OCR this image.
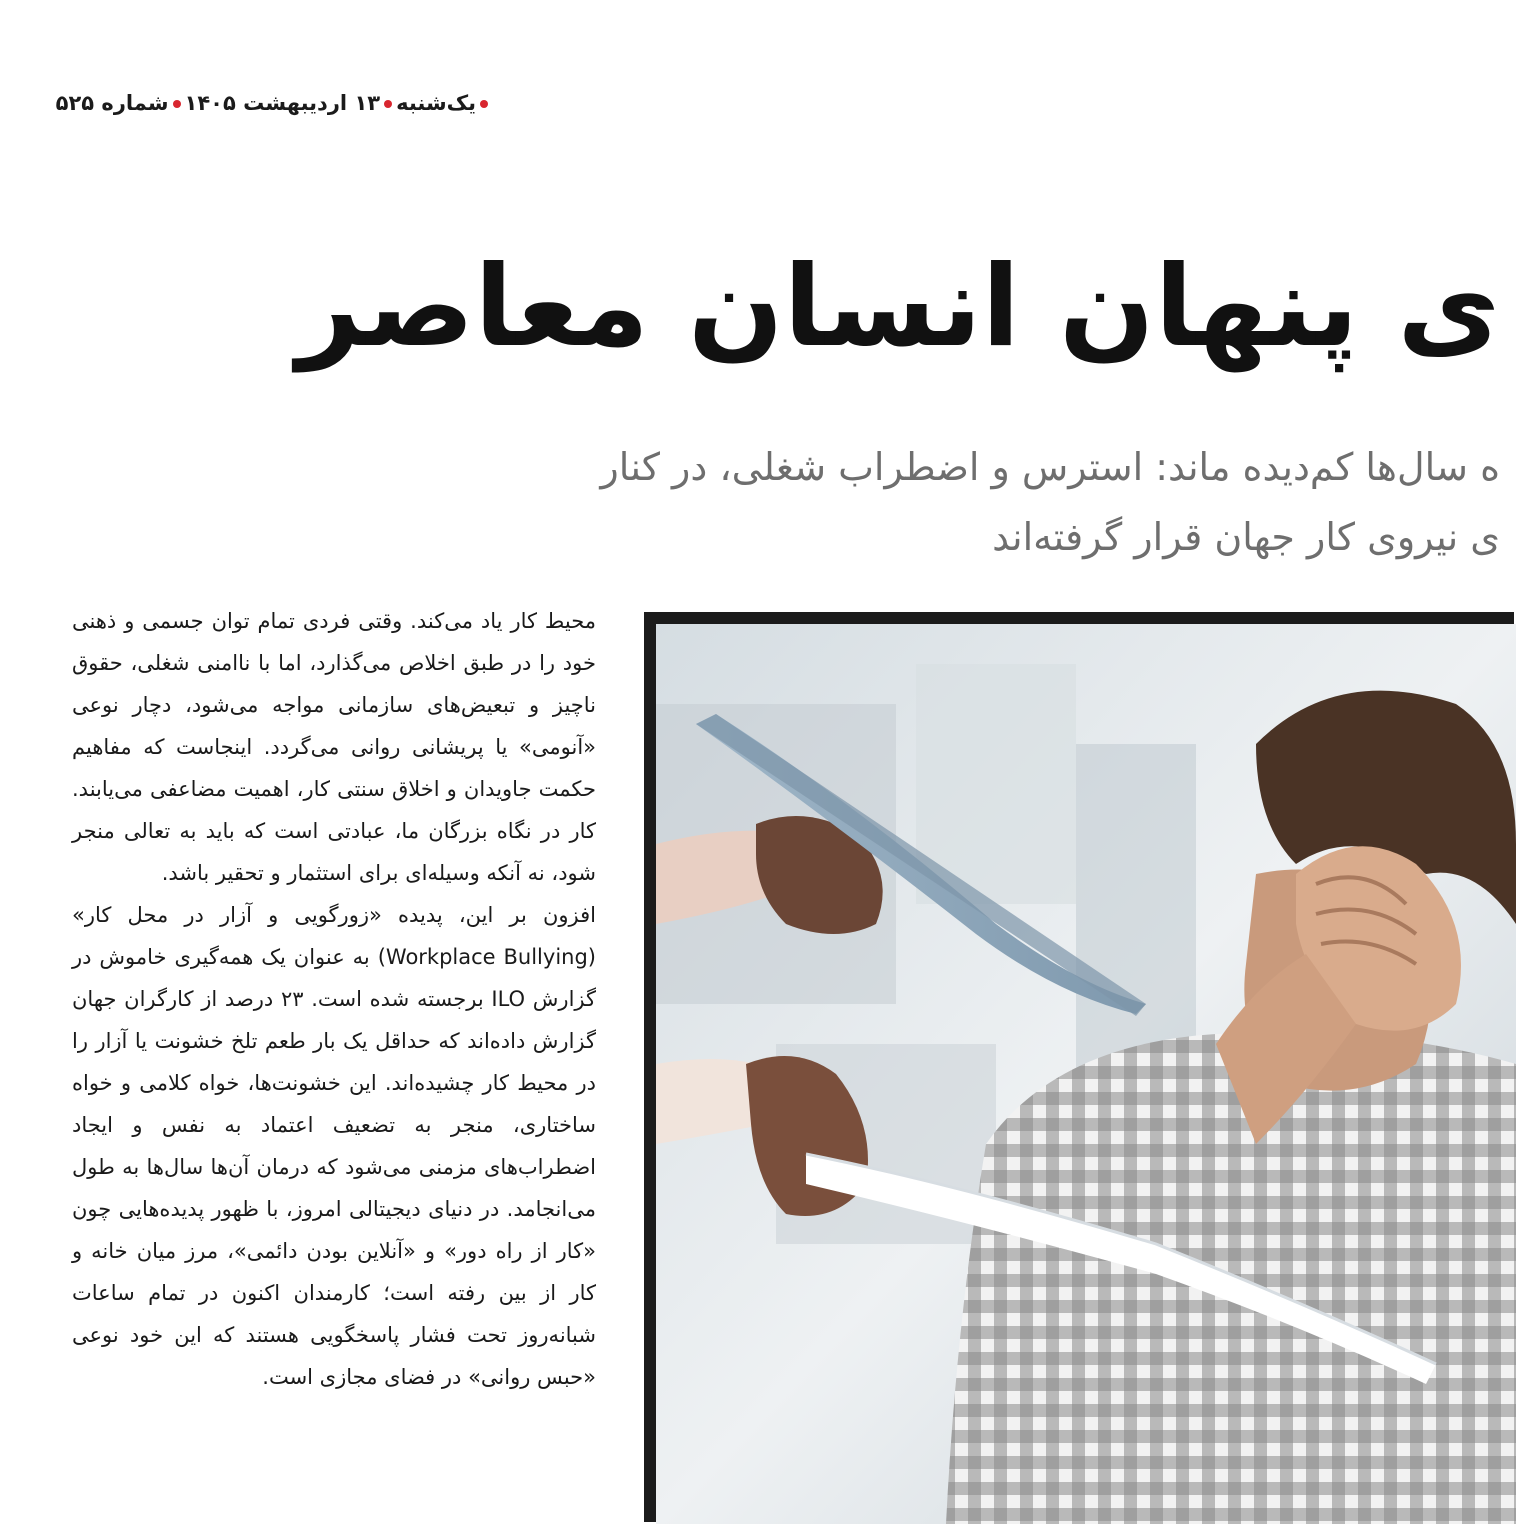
یک‌شنبه۱۳ اردیبهشت ۱۴۰۵شماره ۵۲۵
ی پنهان انسان معاصر
ه سال‌ها کم‌دیده ماند: استرس و اضطراب شغلی، در کنار
ی نیروی کار جهان قرار گرفته‌اند

محیط کار یاد می‌کند. وقتی فردی تمام توان جسمی و ذهنی خود را در طبق اخلاص می‌گذارد، اما با ناامنی شغلی، حقوق ناچیز و تبعیض‌های سازمانی مواجه می‌شود، دچار نوعی «آنومی» یا پریشانی روانی می‌گردد. اینجاست که مفاهیم حکمت جاویدان و اخلاق سنتی کار، اهمیت مضاعفی می‌یابند. کار در نگاه بزرگان ما، عبادتی است که باید به تعالی منجر شود، نه آنکه وسیله‌ای برای استثمار و تحقیر باشد.

افزون بر این، پدیده «زورگویی و آزار در محل کار» (Workplace Bullying) به عنوان یک همه‌گیری خاموش در گزارش ILO برجسته شده است. ۲۳ درصد از کارگران جهان گزارش داده‌اند که حداقل یک بار طعم تلخ خشونت یا آزار را در محیط کار چشیده‌اند. این خشونت‌ها، خواه کلامی و خواه ساختاری، منجر به تضعیف اعتماد به نفس و ایجاد اضطراب‌های مزمنی می‌شود که درمان آن‌ها سال‌ها به طول می‌انجامد. در دنیای دیجیتالی امروز، با ظهور پدیده‌هایی چون «کار از راه دور» و «آنلاین بودن دائمی»، مرز میان خانه و کار از بین رفته است؛ کارمندان اکنون در تمام ساعات شبانه‌روز تحت فشار پاسخگویی هستند که این خود نوعی «حبس روانی» در فضای مجازی است.
